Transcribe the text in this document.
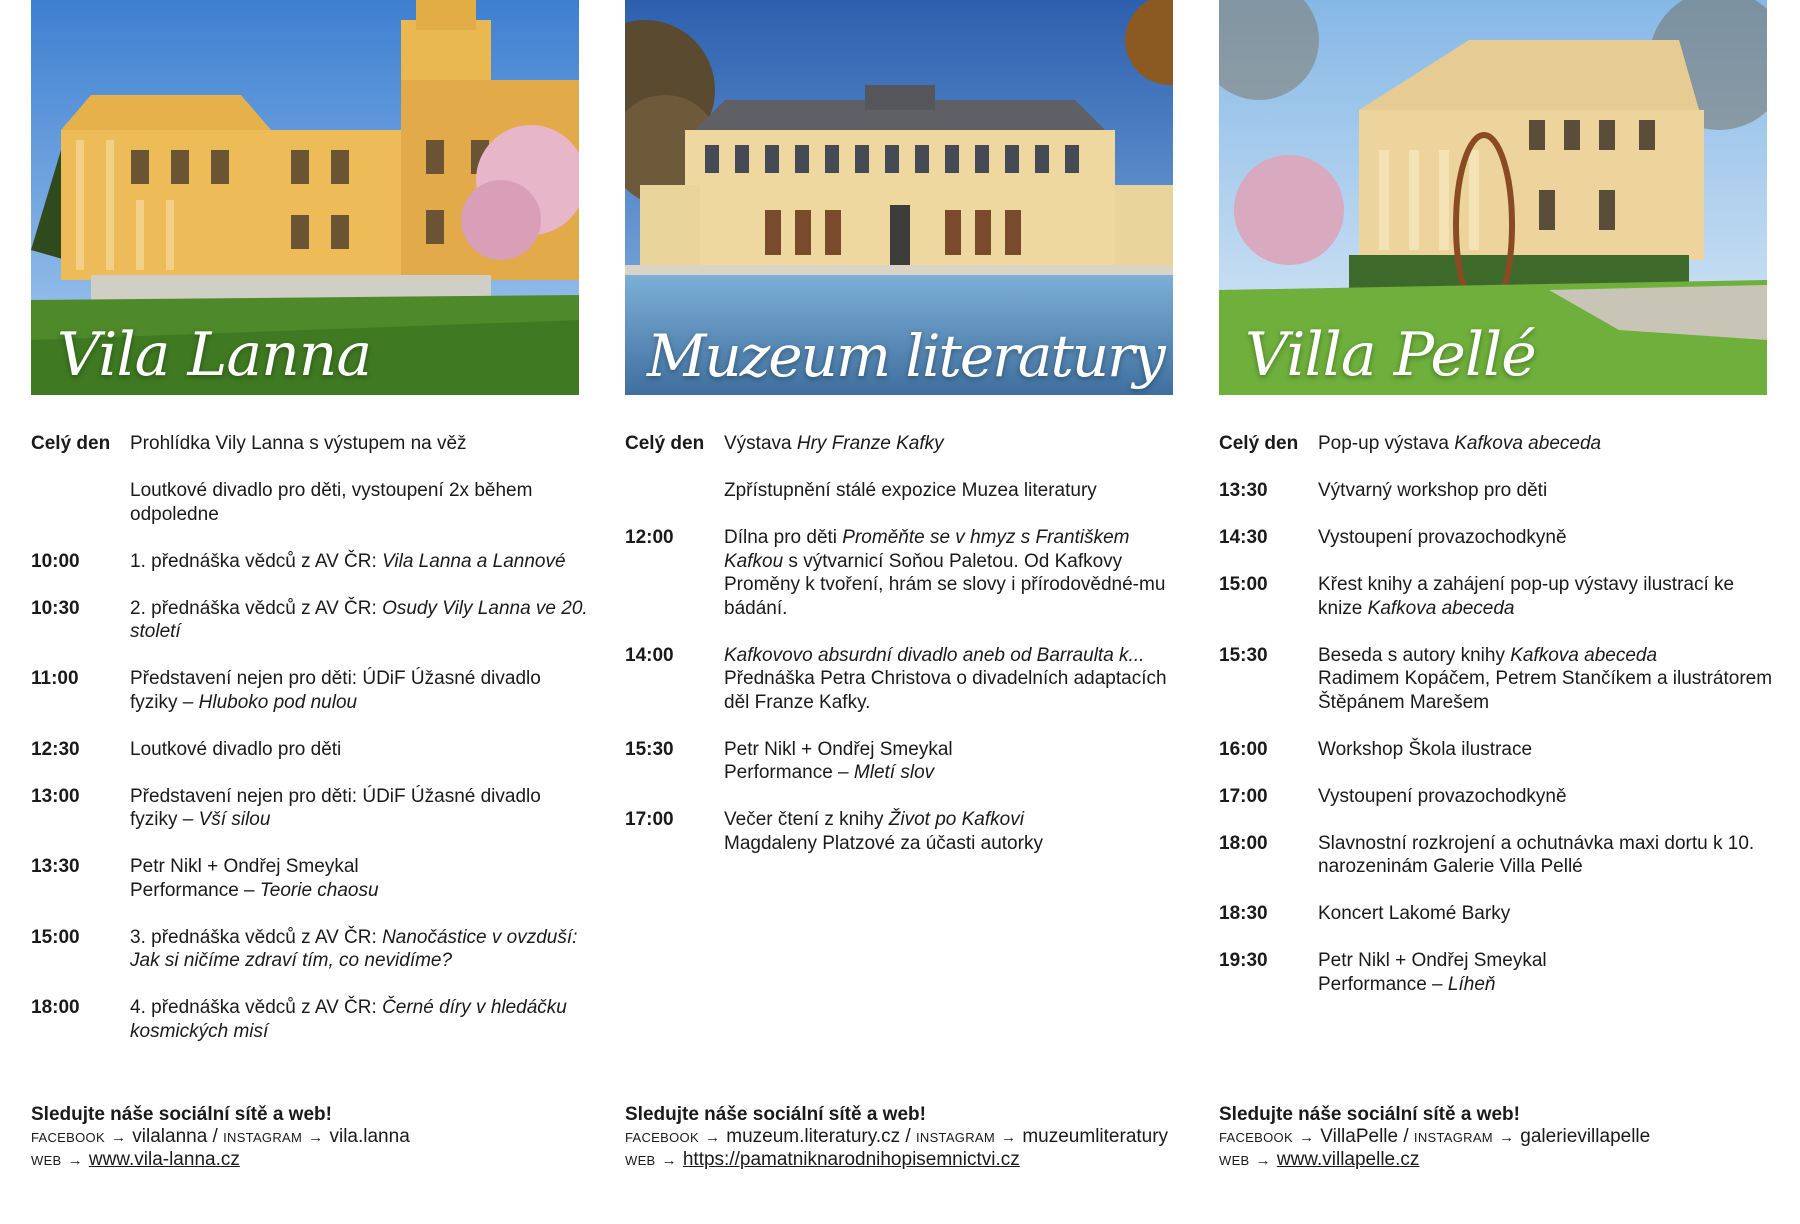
Vila Lanna
Celý den	Prohlídka Vily Lanna s výstupem na věž
Loutkové divadlo pro děti, vystoupení 2x během odpoledne
10:00	1. přednáška vědců z AV ČR: Vila Lanna a Lannové
10:30	2. přednáška vědců z AV ČR: Osudy Vily Lanna ve 20. století
11:00	Představení nejen pro děti: ÚDiF Úžasné divadlo fyziky – Hluboko pod nulou
12:30	Loutkové divadlo pro děti
13:00	Představení nejen pro děti: ÚDiF Úžasné divadlo fyziky – Vší silou
13:30	Petr Nikl + Ondřej Smeykal
Performance – Teorie chaosu
15:00	3. přednáška vědců z AV ČR: Nanočástice v ovzduší: Jak si ničíme zdraví tím, co nevidíme?
18:00	4. přednáška vědců z AV ČR: Černé díry v hledáčku kosmických misí
Sledujte náše sociální sítě a web!
FACEBOOK → vilalanna / INSTAGRAM → vila.lanna
WEB → www.vila-lanna.cz
Muzeum literatury
Celý den	Výstava Hry Franze Kafky
Zpřístupnění stálé expozice Muzea literatury
12:00	Dílna pro děti Proměňte se v hmyz s Františkem Kafkou s výtvarnicí Soňou Paletou. Od Kafkovy Proměny k tvoření, hrám se slovy i přírodovědné-mu bádání.
14:00	Kafkovovo absurdní divadlo aneb od Barraulta k...
Přednáška Petra Christova o divadelních adaptacích děl Franze Kafky.
15:30	Petr Nikl + Ondřej Smeykal
Performance – Mletí slov
17:00	Večer čtení z knihy Život po Kafkovi
Magdaleny Platzové za účasti autorky
Sledujte náše sociální sítě a web!
FACEBOOK → muzeum.literatury.cz / INSTAGRAM → muzeumliteratury
WEB → https://pamatniknarodnihopisemnictvi.cz
Villa Pellé
Celý den	Pop-up výstava Kafkova abeceda
13:30	Výtvarný workshop pro děti
14:30	Vystoupení provazochodkyně
15:00	Křest knihy a zahájení pop-up výstavy ilustrací ke knize Kafkova abeceda
15:30	Beseda s autory knihy Kafkova abeceda
Radimem Kopáčem, Petrem Stančíkem a ilustrátorem Štěpánem Marešem
16:00	Workshop Škola ilustrace
17:00	Vystoupení provazochodkyně
18:00	Slavnostní rozkrojení a ochutnávka maxi dortu k 10. narozeninám Galerie Villa Pellé
18:30	Koncert Lakomé Barky
19:30	Petr Nikl + Ondřej Smeykal
Performance – Líheň
Sledujte náše sociální sítě a web!
FACEBOOK → VillaPelle / INSTAGRAM → galerievillapelle
WEB → www.villapelle.cz
